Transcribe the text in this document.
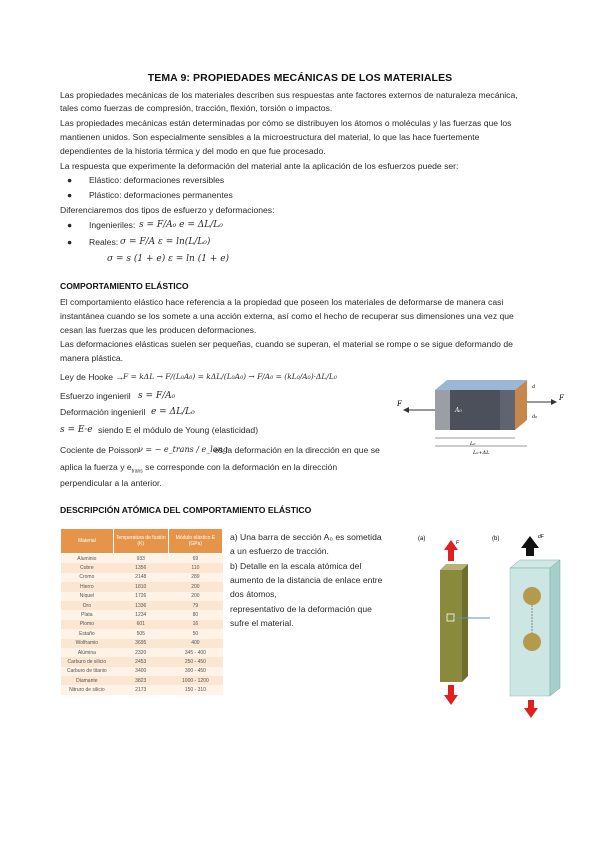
TEMA 9: PROPIEDADES MECÁNICAS DE LOS MATERIALES
Las propiedades mecánicas de los materiales describen sus respuestas ante factores externos de naturaleza mecánica,
tales como fuerzas de compresión, tracción, flexión, torsión o impactos.
Las propiedades mecánicas están determinadas por cómo se distribuyen los átomos o moléculas y las fuerzas que los
mantienen unidos. Son especialmente sensibles a la microestructura del material, lo que las hace fuertemente
dependientes de la historia térmica y del modo en que fue procesado.
La respuesta que experimente la deformación del material ante la aplicación de los esfuerzos puede ser:
● Elástico: deformaciones reversibles
● Plástico: deformaciones permanentes
Diferenciaremos dos tipos de esfuerzo y deformaciones:
● Ingenieriles: s = F/A₀ e = ΔL/L₀
● Reales: σ = F/A ε = ln(L/L₀)
σ = s (1 + e) ε = ln (1 + e)
COMPORTAMIENTO ELÁSTICO
El comportamiento elástico hace referencia a la propiedad que poseen los materiales de deformarse de manera casi
instantánea cuando se los somete a una acción externa, así como el hecho de recuperar sus dimensiones una vez que
cesan las fuerzas que les producen deformaciones.
Las deformaciones elásticas suelen ser pequeñas, cuando se superan, el material se rompe o se sigue deformando de
manera plástica.
Ley de Hooke →
F = kΔL → F/(L₀A₀) = kΔL/(L₀A₀) → F/A₀ = (kL₀/A₀)·ΔL/L₀
Esfuerzo ingenieril s = F/A₀
Deformación ingenieril e = ΔL/L₀
s = E·e siendo E el módulo de Young (elasticidad)
Cociente de Poisson ν = − e_trans / e_long
es la deformación en la dirección en que se
aplica la fuerza y $e_{trans}$ se corresponde con la deformación en la dirección
perpendicular a la anterior.
F
F
A₀
L₀
L₀+ΔL
d
d₀
DESCRIPCIÓN ATÓMICA DEL COMPORTAMIENTO ELÁSTICO
Material	Temperatura de fusión (K)	Módulo elástico E (GPa)
Aluminio	933	69
Cobre	1356	110
Cromo	2148	289
Hierro	1810	200
Níquel	1726	200
Oro	1336	79
Plata	1234	80
Plomo	601	16
Estaño	505	50
Wolframio	3695	400
Alúmina	2320	345 - 400
Carburo de silicio	2453	250 - 450
Carburo de titanio	3400	300 - 450
Diamante	3823	1000 - 1200
Nitruro de silicio	2173	150 - 310
a) Una barra de sección A₀ es sometida
a un esfuerzo de tracción.
b) Detalle en la escala atómica del
aumento de la distancia de enlace entre
dos átomos,
representativo de la deformación que
sufre el material.
(a)	(b)
F
dF
